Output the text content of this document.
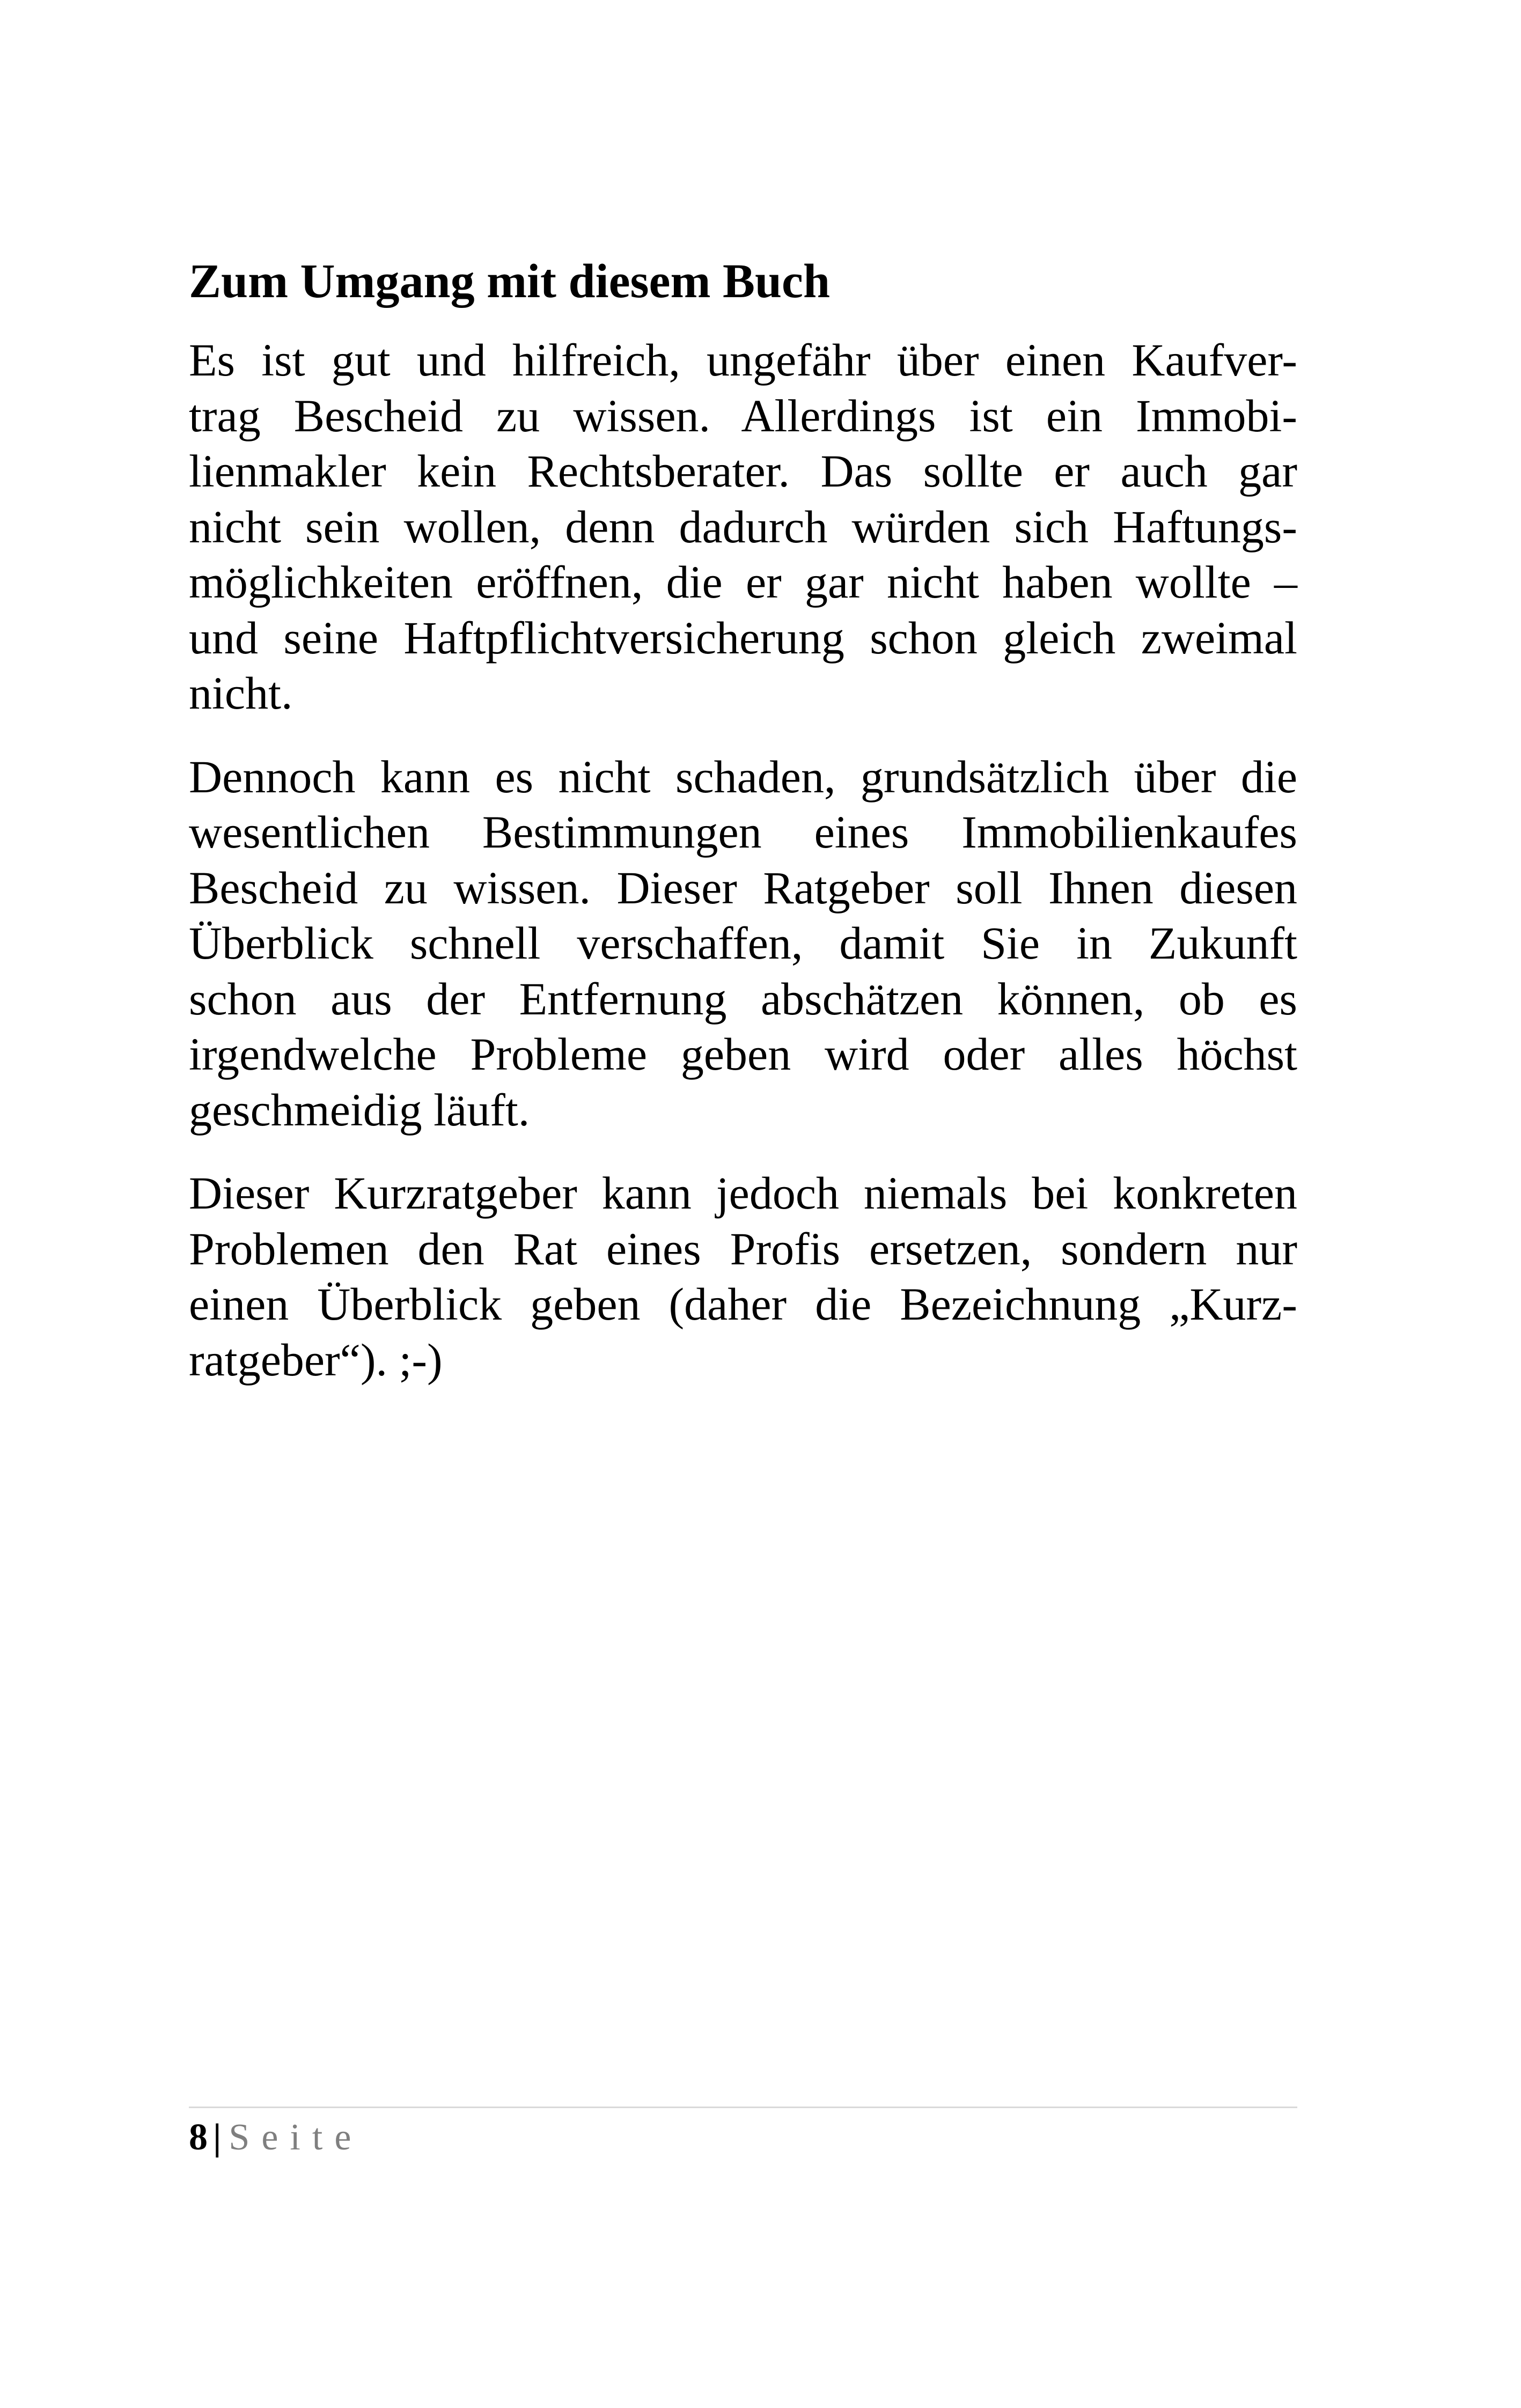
Zum Umgang mit diesem Buch

Es ist gut und hilfreich, ungefähr über einen Kaufver-
trag Bescheid zu wissen. Allerdings ist ein Immobi-
lienmakler kein Rechtsberater. Das sollte er auch gar
nicht sein wollen, denn dadurch würden sich Haftungs-
möglichkeiten eröffnen, die er gar nicht haben wollte –
und seine Haftpflichtversicherung schon gleich zweimal
nicht.

Dennoch kann es nicht schaden, grundsätzlich über die
wesentlichen Bestimmungen eines Immobilienkaufes
Bescheid zu wissen. Dieser Ratgeber soll Ihnen diesen
Überblick schnell verschaffen, damit Sie in Zukunft
schon aus der Entfernung abschätzen können, ob es
irgendwelche Probleme geben wird oder alles höchst
geschmeidig läuft.

Dieser Kurzratgeber kann jedoch niemals bei konkreten
Problemen den Rat eines Profis ersetzen, sondern nur
einen Überblick geben (daher die Bezeichnung „Kurz-
ratgeber“). ;-)

8 | Seite
